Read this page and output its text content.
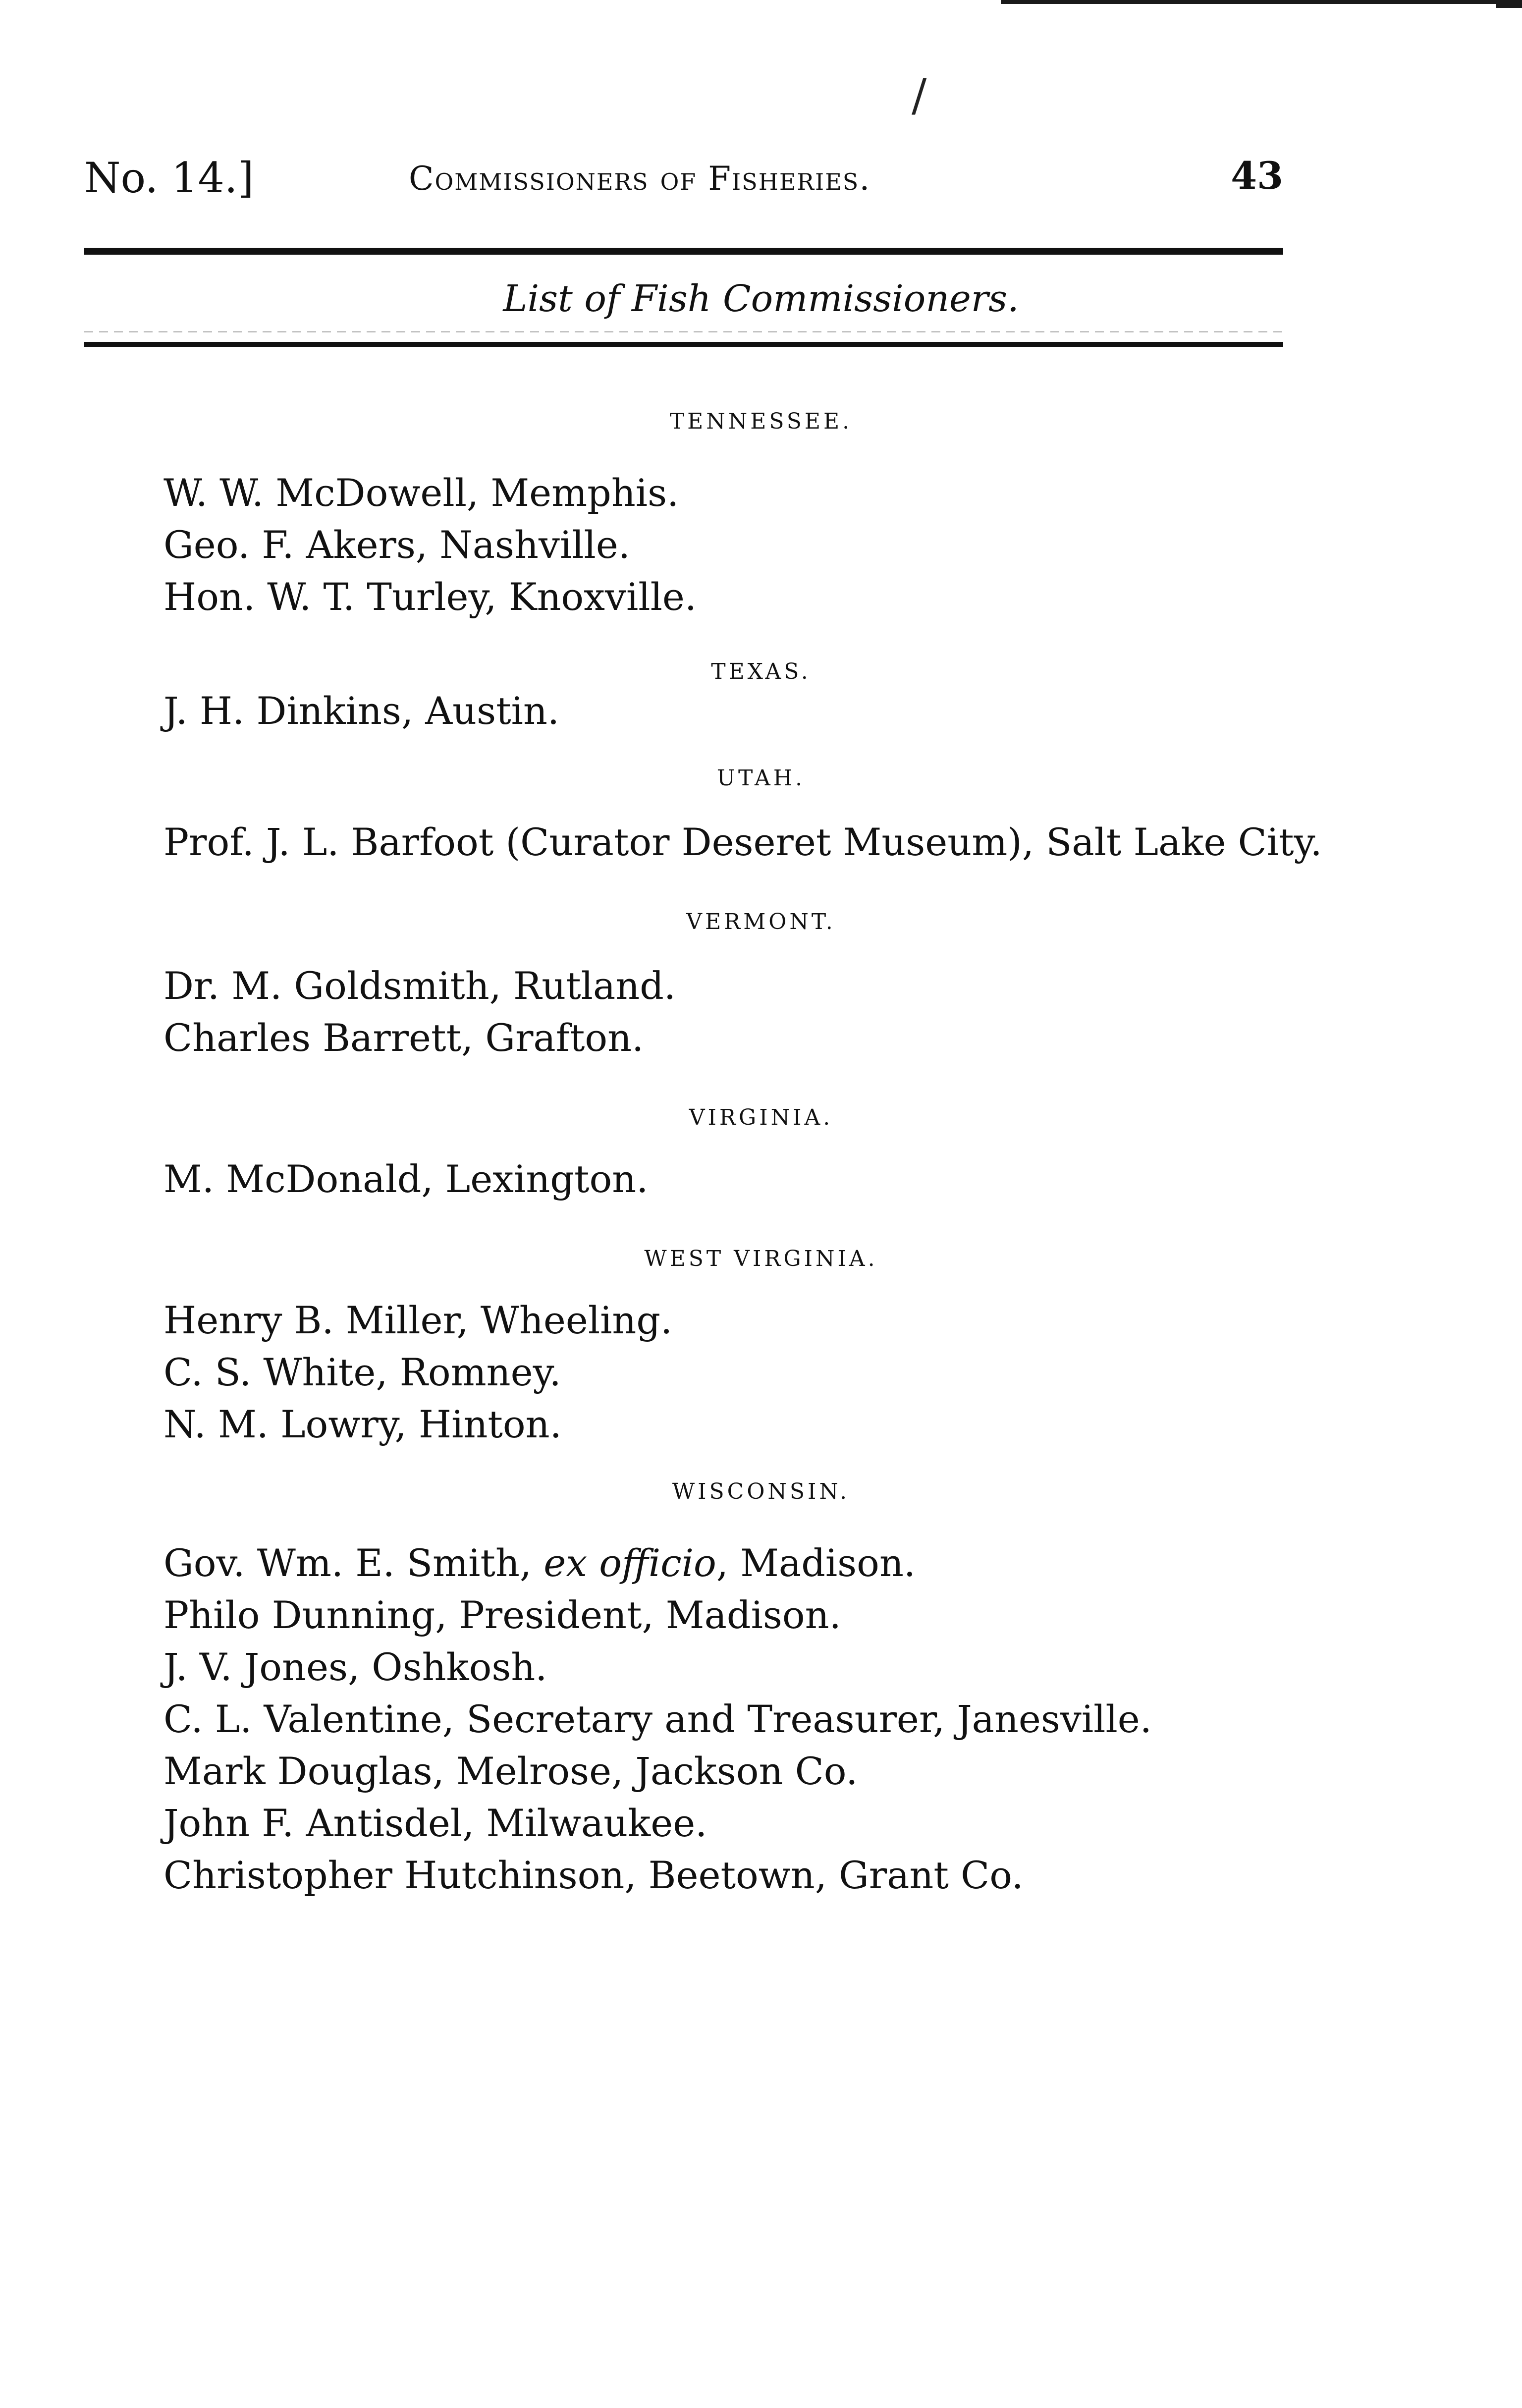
/
No. 14.]	Commissioners of Fisheries.	43
List of Fish Commissioners.
TENNESSEE.
W. W. McDowell, Memphis.
Geo. F. Akers, Nashville.
Hon. W. T. Turley, Knoxville.
TEXAS.
J. H. Dinkins, Austin.
UTAH.
Prof. J. L. Barfoot (Curator Deseret Museum), Salt Lake City.
VERMONT.
Dr. M. Goldsmith, Rutland.
Charles Barrett, Grafton.
VIRGINIA.
M. McDonald, Lexington.
WEST VIRGINIA.
Henry B. Miller, Wheeling.
C. S. White, Romney.
N. M. Lowry, Hinton.
WISCONSIN.
Gov. Wm. E. Smith, ex officio, Madison.
Philo Dunning, President, Madison.
J. V. Jones, Oshkosh.
C. L. Valentine, Secretary and Treasurer, Janesville.
Mark Douglas, Melrose, Jackson Co.
John F. Antisdel, Milwaukee.
Christopher Hutchinson, Beetown, Grant Co.
